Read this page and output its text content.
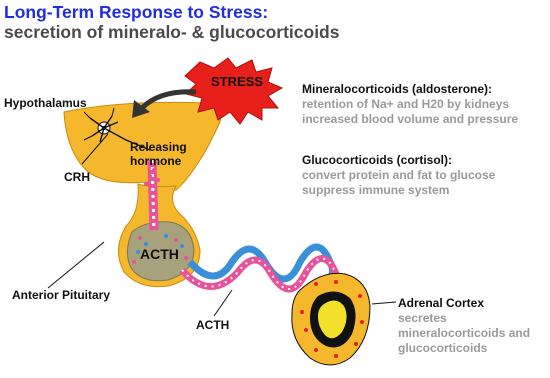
Long-Term Response to Stress:
secretion of mineralo- & glucocorticoids
STRESS
Hypothalamus
CRH
Releasing
hormone
ACTH
Anterior Pituitary
ACTH
Adrenal Cortex
secretes
mineralocorticoids and
glucocorticoids
Mineralocorticoids (aldosterone):
retention of Na+ and H20 by kidneys
increased blood volume and pressure
Glucocorticoids (cortisol):
convert protein and fat to glucose
suppress immune system
